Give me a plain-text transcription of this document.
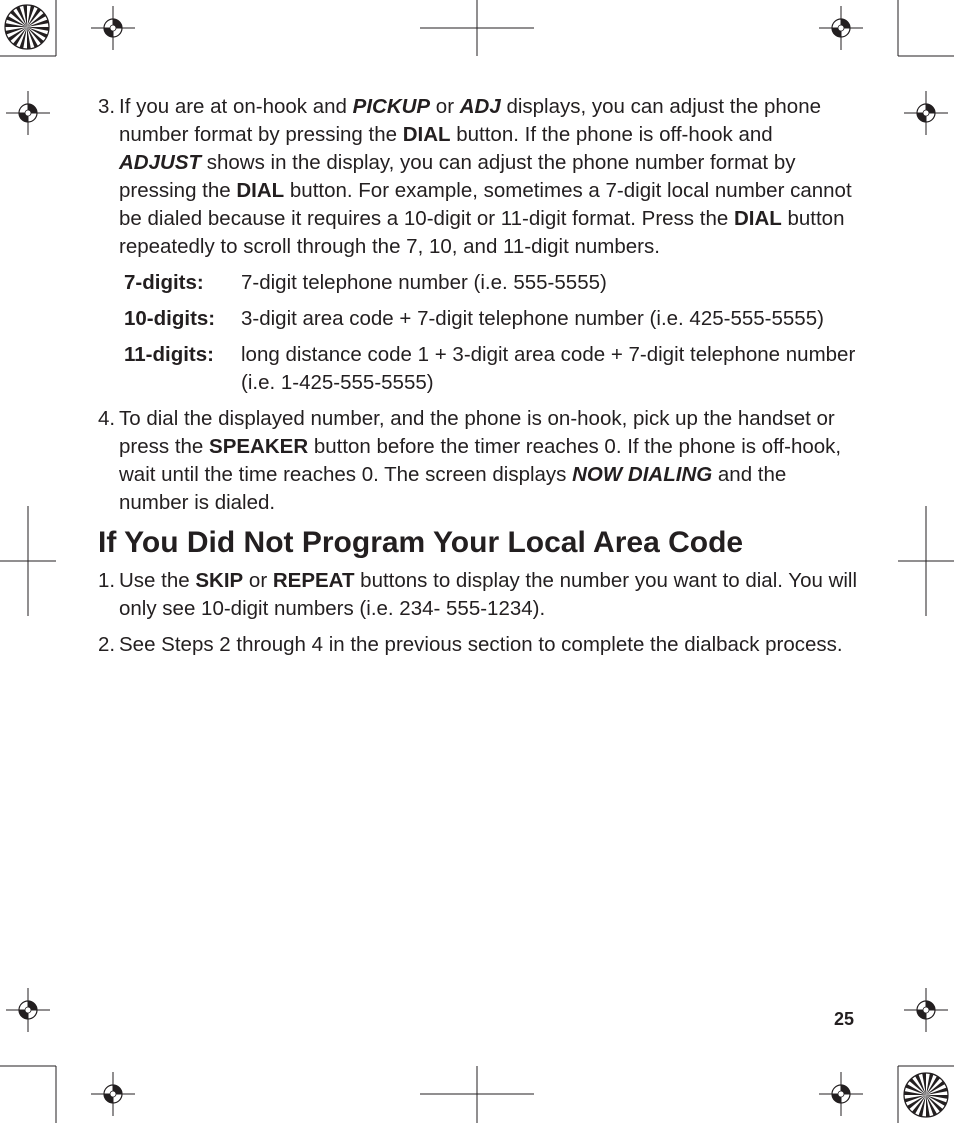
3. If you are at on-hook and PICKUP or ADJ displays, you can adjust the phone number format by pressing the DIAL button. If the phone is off-hook and ADJUST shows in the display, you can adjust the phone number format by pressing the DIAL button. For example, sometimes a 7-digit local number cannot be dialed because it requires a 10-digit or 11-digit format. Press the DIAL button repeatedly to scroll through the 7, 10, and 11-digit numbers.

7-digits:	7-digit telephone number (i.e. 555-5555)
10-digits:	3-digit area code + 7-digit telephone number (i.e. 425-555-5555)
11-digits:	long distance code 1 + 3-digit area code + 7-digit telephone number (i.e. 1-425-555-5555)
4. To dial the displayed number, and the phone is on-hook, pick up the handset or press the SPEAKER button before the timer reaches 0. If the phone is off-hook, wait until the time reaches 0. The screen displays NOW DIALING and the number is dialed.

If You Did Not Program Your Local Area Code
1. Use the SKIP or REPEAT buttons to display the number you want to dial. You will only see 10-digit numbers (i.e. 234- 555-1234).

2. See Steps 2 through 4 in the previous section to complete the dialback process.

25
